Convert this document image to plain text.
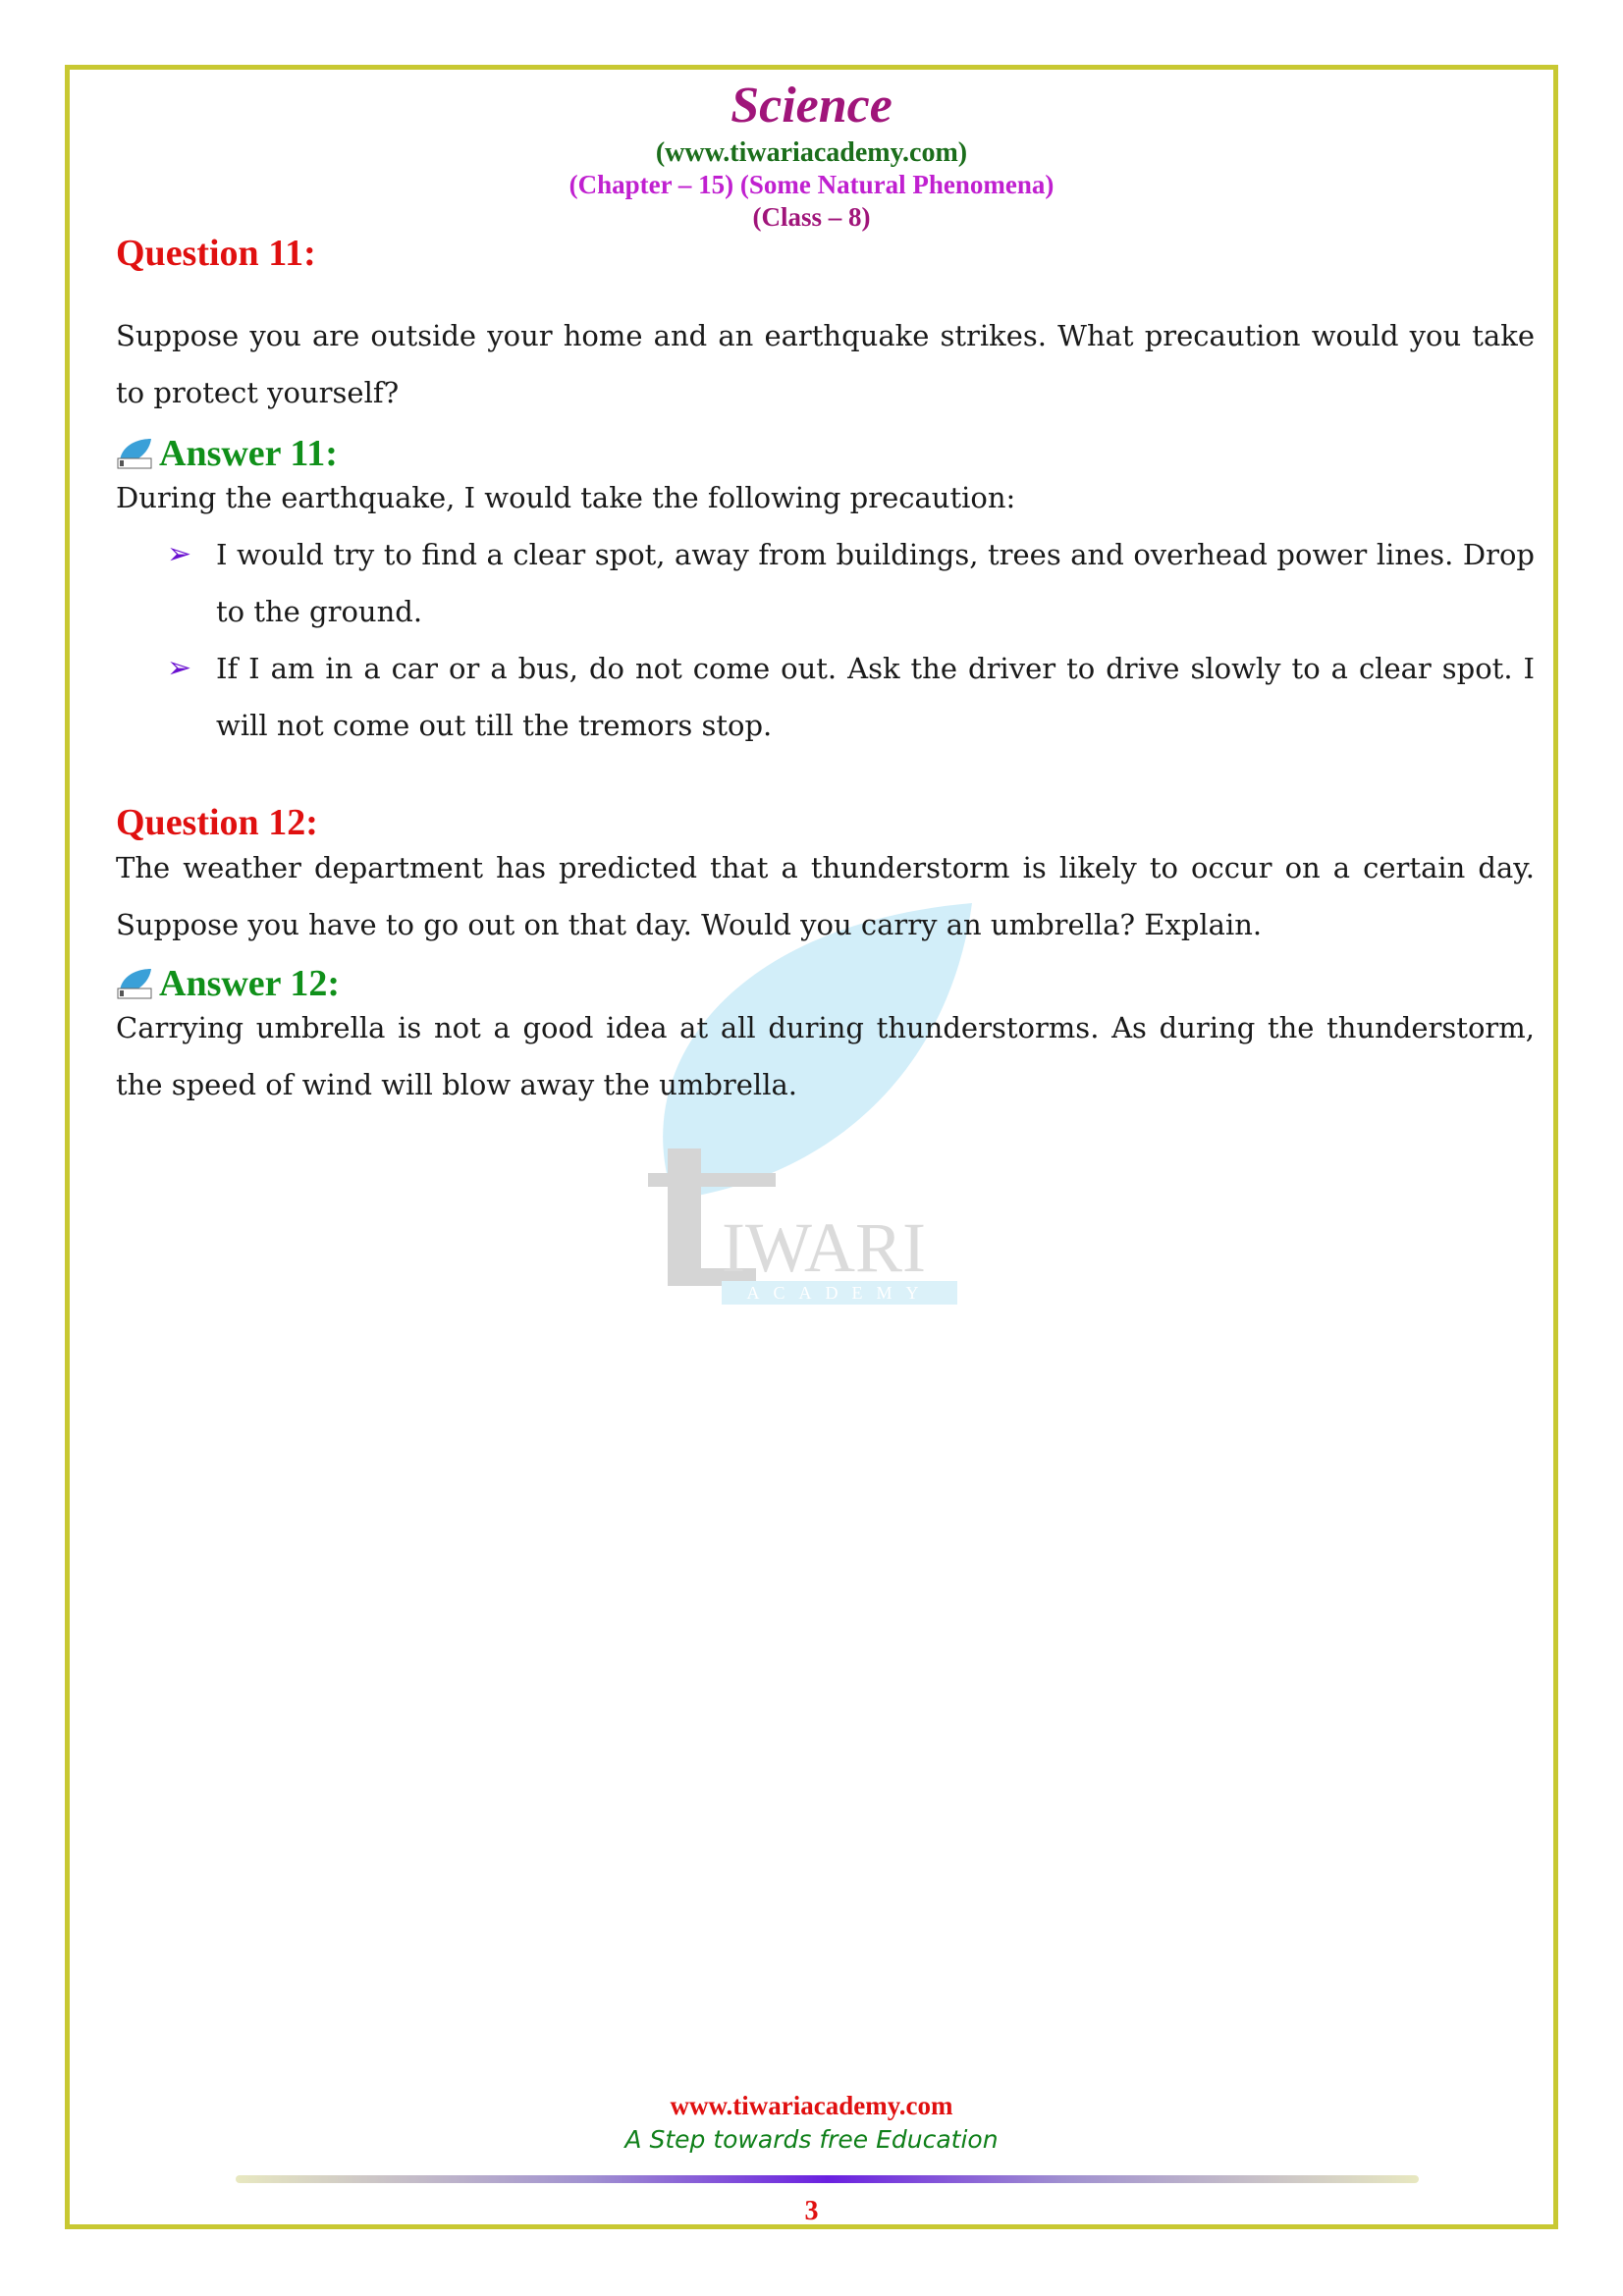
Science
(www.tiwariacademy.com)
(Chapter – 15) (Some Natural Phenomena)
(Class – 8)
IWARI
ACADEMY
Question 11:
Suppose you are outside your home and an earthquake strikes. What precaution would you take to protect yourself?
Answer 11:
During the earthquake, I would take the following precaution:
➢ I would try to find a clear spot, away from buildings, trees and overhead power lines. Drop to the ground.
➢ If I am in a car or a bus, do not come out. Ask the driver to drive slowly to a clear spot. I will not come out till the tremors stop.
Question 12:
The weather department has predicted that a thunderstorm is likely to occur on a certain day. Suppose you have to go out on that day. Would you carry an umbrella? Explain.
Answer 12:
Carrying umbrella is not a good idea at all during thunderstorms. As during the thunderstorm, the speed of wind will blow away the umbrella.
www.tiwariacademy.com
A Step towards free Education
3
